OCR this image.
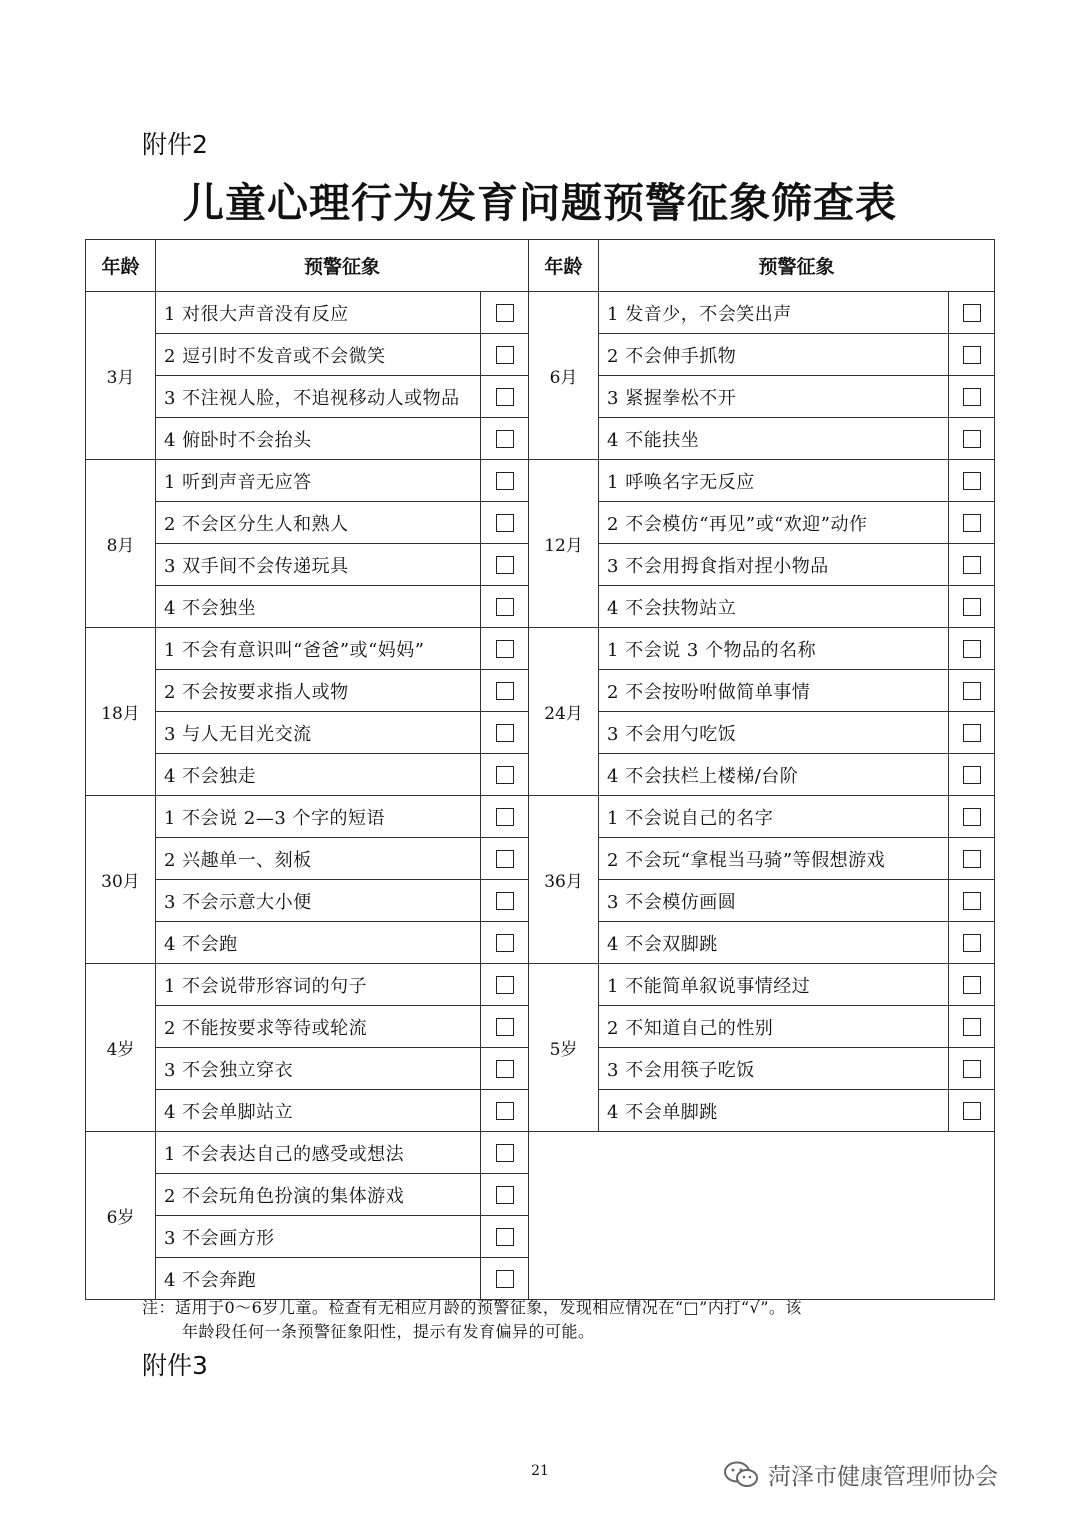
附件2
儿童心理行为发育问题预警征象筛查表
年龄	预警征象		年龄	预警征象	
3月	1 对很大声音没有反应		6月	1 发音少，不会笑出声	
	2 逗引时不发音或不会微笑			2 不会伸手抓物	
	3 不注视人脸，不追视移动人或物品			3 紧握拳松不开	
	4 俯卧时不会抬头			4 不能扶坐	
8月	1 听到声音无应答		12月	1 呼唤名字无反应	
	2 不会区分生人和熟人			2 不会模仿“再见”或“欢迎”动作	
	3 双手间不会传递玩具			3 不会用拇食指对捏小物品	
	4 不会独坐			4 不会扶物站立	
18月	1 不会有意识叫“爸爸”或“妈妈”		24月	1 不会说 3 个物品的名称	
	2 不会按要求指人或物			2 不会按吩咐做简单事情	
	3 与人无目光交流			3 不会用勺吃饭	
	4 不会独走			4 不会扶栏上楼梯/台阶	
30月	1 不会说 2—3 个字的短语		36月	1 不会说自己的名字	
	2 兴趣单一、刻板			2 不会玩“拿棍当马骑”等假想游戏	
	3 不会示意大小便			3 不会模仿画圆	
	4 不会跑			4 不会双脚跳	
4岁	1 不会说带形容词的句子		5岁	1 不能简单叙说事情经过	
	2 不能按要求等待或轮流			2 不知道自己的性别	
	3 不会独立穿衣			3 不会用筷子吃饭	
	4 不会单脚站立			4 不会单脚跳	
6岁	1 不会表达自己的感受或想法				
	2 不会玩角色扮演的集体游戏				
	3 不会画方形				
	4 不会奔跑				
注：适用于0～6岁儿童。检查有无相应月龄的预警征象，发现相应情况在“□”内打“√”。该
年龄段任何一条预警征象阳性，提示有发育偏异的可能。
附件3
21	菏泽市健康管理师协会
